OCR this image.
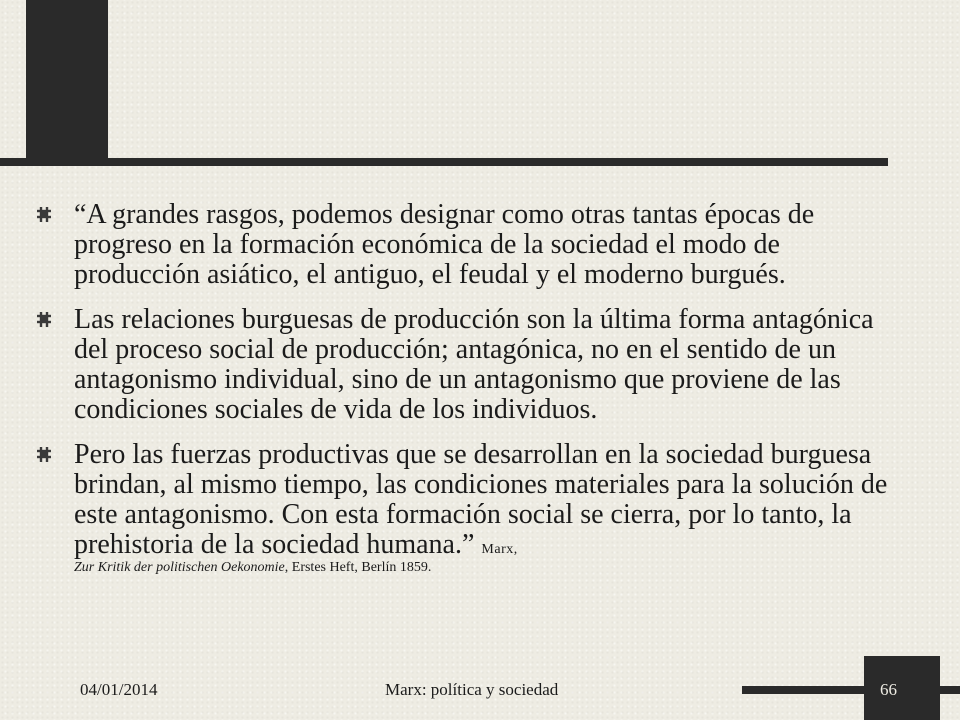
“A grandes rasgos, podemos designar como otras tantas épocas de progreso en la formación económica de la sociedad el modo de producción asiático, el antiguo, el feudal y el moderno burgués.
Las relaciones burguesas de producción son la última forma antagónica del proceso social de producción; antagónica, no en el sentido de un antagonismo individual, sino de un antagonismo que proviene de las condiciones sociales de vida de los individuos.
Pero las fuerzas productivas que se desarrollan en la sociedad burguesa brindan, al mismo tiempo, las condiciones materiales para la solución de este antagonismo. Con esta formación social se cierra, por lo tanto, la prehistoria de la sociedad humana.” Marx,
Zur Kritik der politischen Oekonomie, Erstes Heft, Berlín 1859.
04/01/2014	Marx: política y sociedad	66
